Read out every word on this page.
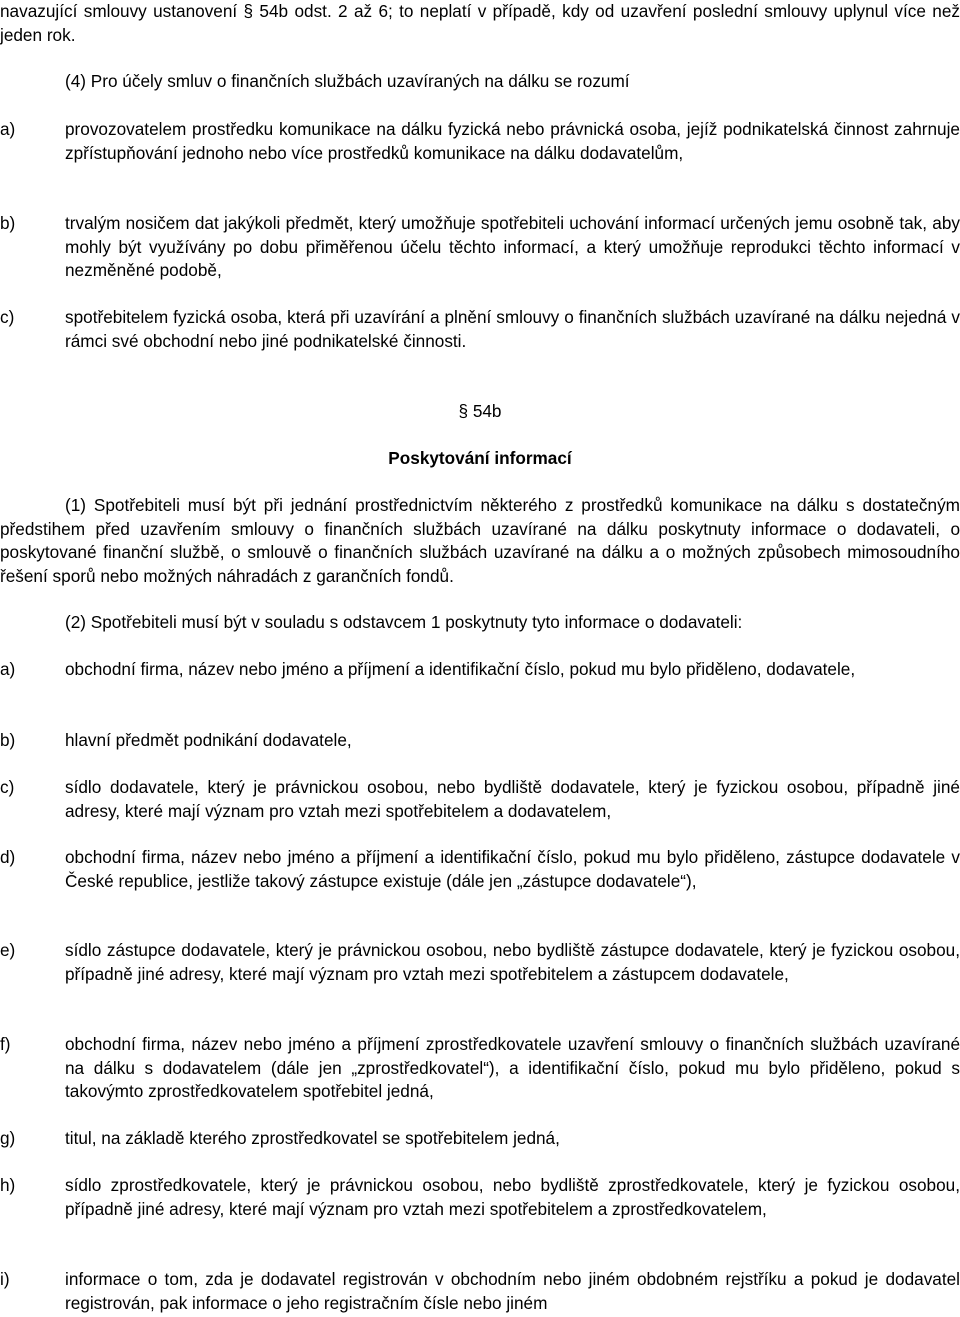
navazující smlouvy ustanovení § 54b odst. 2 až 6; to neplatí v případě, kdy od uzavření poslední smlouvy uplynul více než jeden rok.

(4) Pro účely smluv o finančních službách uzavíraných na dálku se rozumí

a)	provozovatelem prostředku komunikace na dálku fyzická nebo právnická osoba, jejíž podnikatelská činnost zahrnuje zpřístupňování jednoho nebo více prostředků komunikace na dálku dodavatelům,

b)	trvalým nosičem dat jakýkoli předmět, který umožňuje spotřebiteli uchování informací určených jemu osobně tak, aby mohly být využívány po dobu přiměřenou účelu těchto informací, a který umožňuje reprodukci těchto informací v nezměněné podobě,

c)	spotřebitelem fyzická osoba, která při uzavírání a plnění smlouvy o finančních službách uzavírané na dálku nejedná v rámci své obchodní nebo jiné podnikatelské činnosti.

§ 54b
Poskytování informací

(1) Spotřebiteli musí být při jednání prostřednictvím některého z prostředků komunikace na dálku s dostatečným předstihem před uzavřením smlouvy o finančních službách uzavírané na dálku poskytnuty informace o dodavateli, o poskytované finanční službě, o smlouvě o finančních službách uzavírané na dálku a o možných způsobech mimosoudního řešení sporů nebo možných náhradách z garančních fondů.

(2) Spotřebiteli musí být v souladu s odstavcem 1 poskytnuty tyto informace o dodavateli:

a)	obchodní firma, název nebo jméno a příjmení a identifikační číslo, pokud mu bylo přiděleno, dodavatele,

b)	hlavní předmět podnikání dodavatele,

c)	sídlo dodavatele, který je právnickou osobou, nebo bydliště dodavatele, který je fyzickou osobou, případně jiné adresy, které mají význam pro vztah mezi spotřebitelem a dodavatelem,

d)	obchodní firma, název nebo jméno a příjmení a identifikační číslo, pokud mu bylo přiděleno, zástupce dodavatele v České republice, jestliže takový zástupce existuje (dále jen „zástupce dodavatele“),

e)	sídlo zástupce dodavatele, který je právnickou osobou, nebo bydliště zástupce dodavatele, který je fyzickou osobou, případně jiné adresy, které mají význam pro vztah mezi spotřebitelem a zástupcem dodavatele,

f)	obchodní firma, název nebo jméno a příjmení zprostředkovatele uzavření smlouvy o finančních službách uzavírané na dálku s dodavatelem (dále jen „zprostředkovatel“), a identifikační číslo, pokud mu bylo přiděleno, pokud s takovýmto zprostředkovatelem spotřebitel jedná,

g)	titul, na základě kterého zprostředkovatel se spotřebitelem jedná,

h)	sídlo zprostředkovatele, který je právnickou osobou, nebo bydliště zprostředkovatele, který je fyzickou osobou, případně jiné adresy, které mají význam pro vztah mezi spotřebitelem a zprostředkovatelem,

i)	informace o tom, zda je dodavatel registrován v obchodním nebo jiném obdobném rejstříku a pokud je dodavatel registrován, pak informace o jeho registračním čísle nebo jiném
